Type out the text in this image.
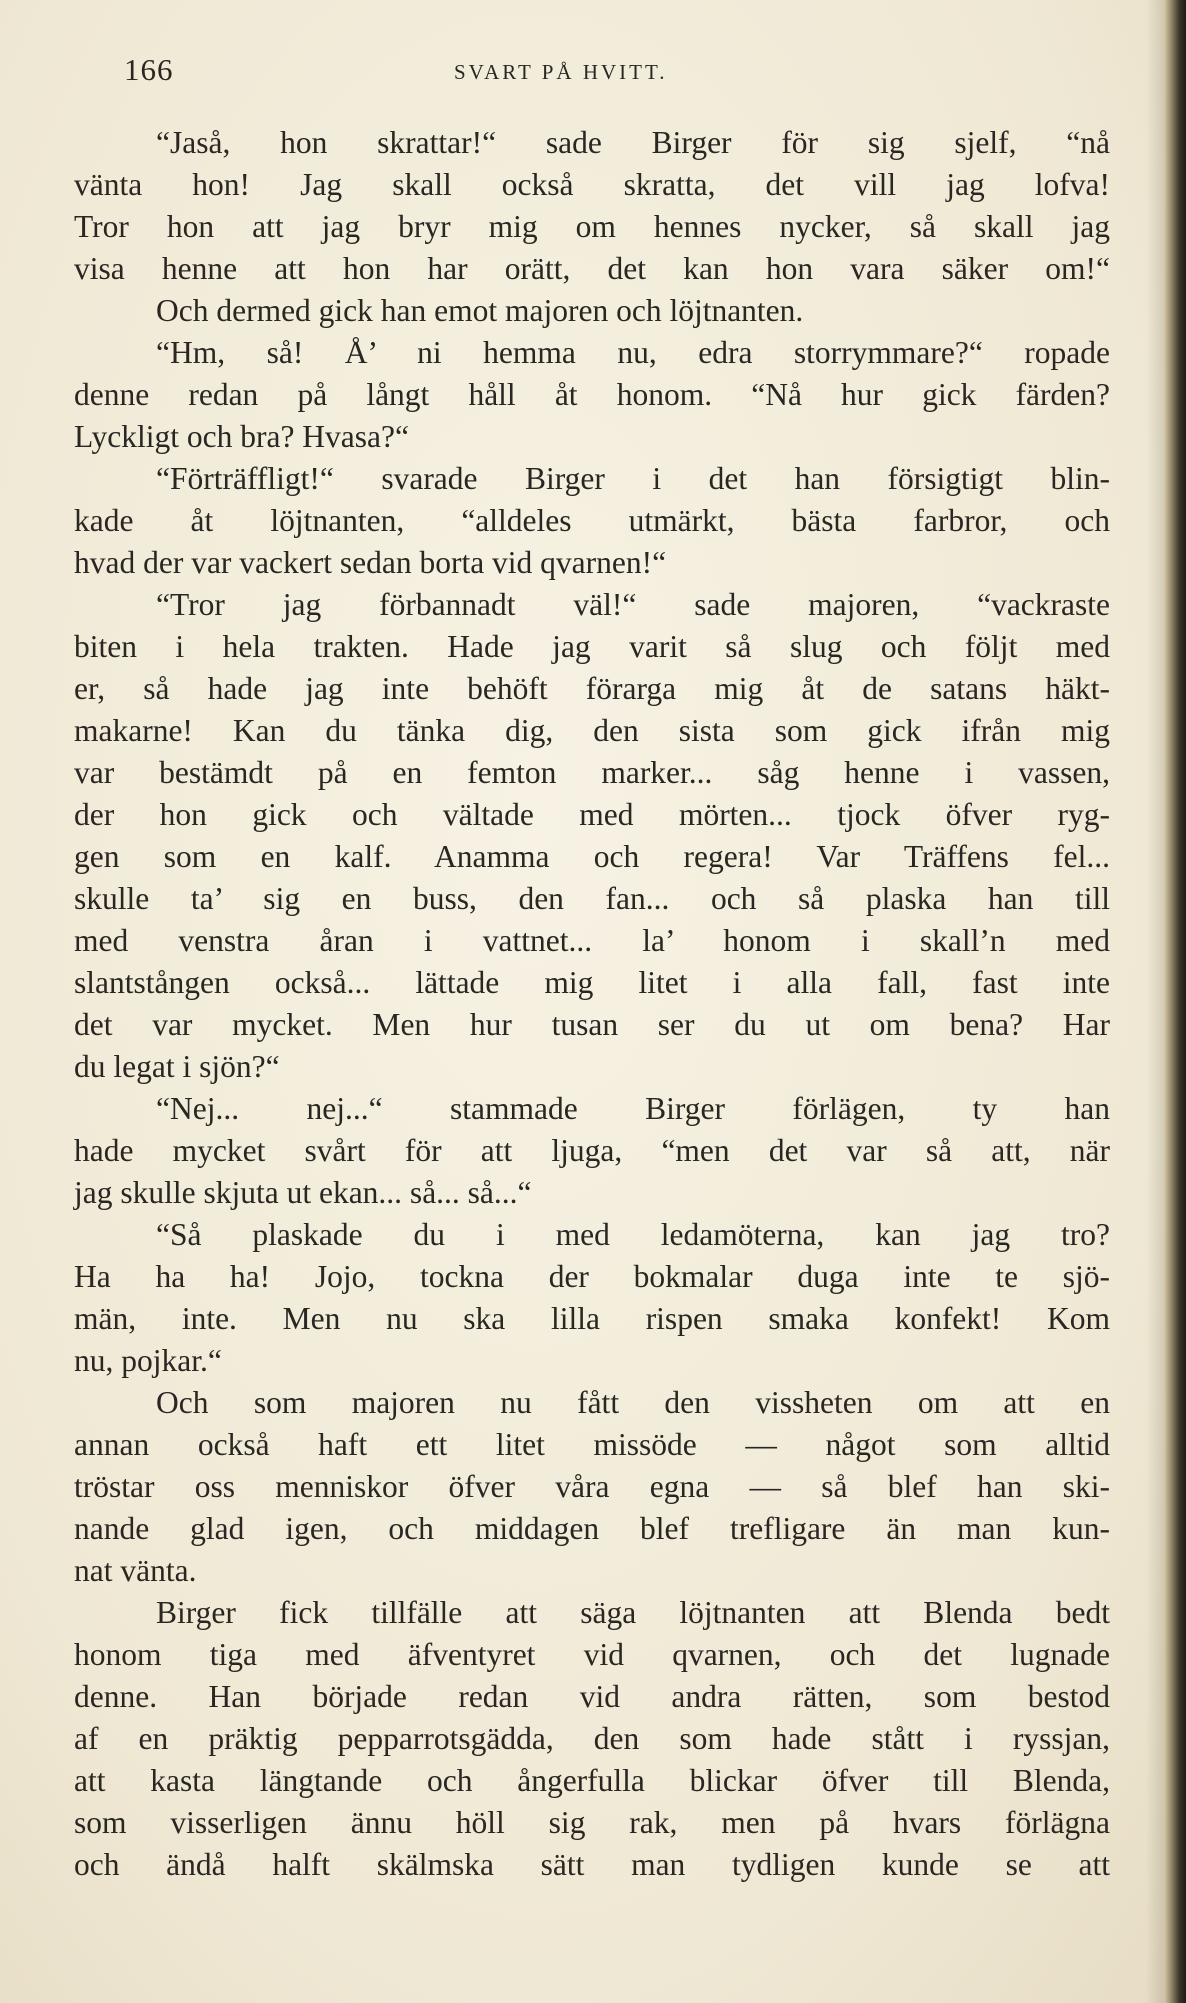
166	SVART PÅ HVITT.
“Jaså, hon skrattar!“ sade Birger för sig sjelf, “nå
vänta hon! Jag skall också skratta, det vill jag lofva!
Tror hon att jag bryr mig om hennes nycker, så skall jag
visa henne att hon har orätt, det kan hon vara säker om!“
Och dermed gick han emot majoren och löjtnanten.
“Hm, så! Å’ ni hemma nu, edra storrymmare?“ ropade
denne redan på långt håll åt honom. “Nå hur gick färden?
Lyckligt och bra? Hvasa?“
“Förträffligt!“ svarade Birger i det han försigtigt blin-
kade åt löjtnanten, “alldeles utmärkt, bästa farbror, och
hvad der var vackert sedan borta vid qvarnen!“
“Tror jag förbannadt väl!“ sade majoren, “vackraste
biten i hela trakten. Hade jag varit så slug och följt med
er, så hade jag inte behöft förarga mig åt de satans häkt-
makarne! Kan du tänka dig, den sista som gick ifrån mig
var bestämdt på en femton marker... såg henne i vassen,
der hon gick och vältade med mörten... tjock öfver ryg-
gen som en kalf. Anamma och regera! Var Träffens fel...
skulle ta’ sig en buss, den fan... och så plaska han till
med venstra åran i vattnet... la’ honom i skall’n med
slantstången också... lättade mig litet i alla fall, fast inte
det var mycket. Men hur tusan ser du ut om bena? Har
du legat i sjön?“
“Nej... nej...“ stammade Birger förlägen, ty han
hade mycket svårt för att ljuga, “men det var så att, när
jag skulle skjuta ut ekan... så... så...“
“Så plaskade du i med ledamöterna, kan jag tro?
Ha ha ha! Jojo, tockna der bokmalar duga inte te sjö-
män, inte. Men nu ska lilla rispen smaka konfekt! Kom
nu, pojkar.“
Och som majoren nu fått den vissheten om att en
annan också haft ett litet missöde — något som alltid
tröstar oss menniskor öfver våra egna — så blef han ski-
nande glad igen, och middagen blef trefligare än man kun-
nat vänta.
Birger fick tillfälle att säga löjtnanten att Blenda bedt
honom tiga med äfventyret vid qvarnen, och det lugnade
denne. Han började redan vid andra rätten, som bestod
af en präktig pepparrotsgädda, den som hade stått i ryssjan,
att kasta längtande och ångerfulla blickar öfver till Blenda,
som visserligen ännu höll sig rak, men på hvars förlägna
och ändå halft skälmska sätt man tydligen kunde se att
